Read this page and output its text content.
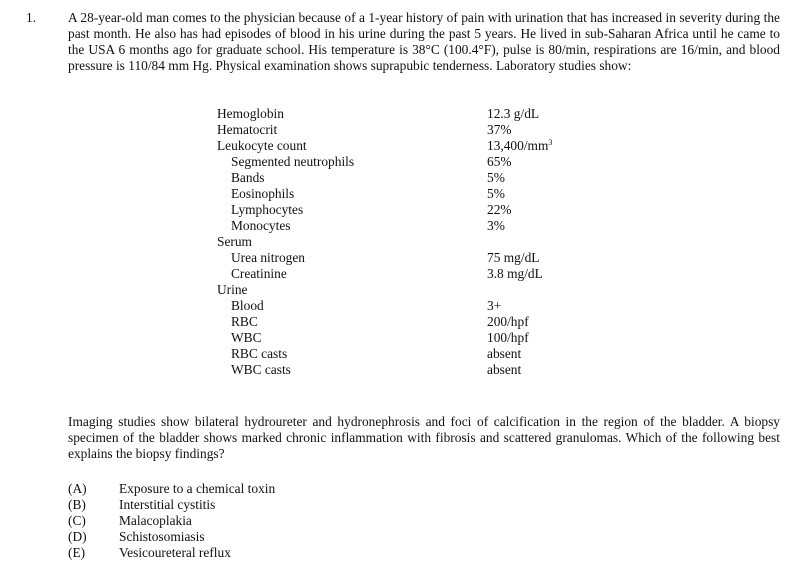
1. A 28-year-old man comes to the physician because of a 1-year history of pain with urination that has increased in severity during the past month. He also has had episodes of blood in his urine during the past 5 years. He lived in sub-Saharan Africa until he came to the USA 6 months ago for graduate school. His temperature is 38°C (100.4°F), pulse is 80/min, respirations are 16/min, and blood pressure is 110/84 mm Hg. Physical examination shows suprapubic tenderness. Laboratory studies show:

Hemoglobin	12.3 g/dL
Hematocrit	37%
Leukocyte count	$13,400/mm^3$
Segmented neutrophils	65%
Bands	5%
Eosinophils	5%
Lymphocytes	22%
Monocytes	3%
Serum
Urea nitrogen	75 mg/dL
Creatinine	3.8 mg/dL
Urine
Blood	3+
RBC	200/hpf
WBC	100/hpf
RBC casts	absent
WBC casts	absent

Imaging studies show bilateral hydroureter and hydronephrosis and foci of calcification in the region of the bladder. A biopsy specimen of the bladder shows marked chronic inflammation with fibrosis and scattered granulomas. Which of the following best explains the biopsy findings?

(A) Exposure to a chemical toxin
(B) Interstitial cystitis
(C) Malacoplakia
(D) Schistosomiasis
(E)	Vesicoureteral reflux
